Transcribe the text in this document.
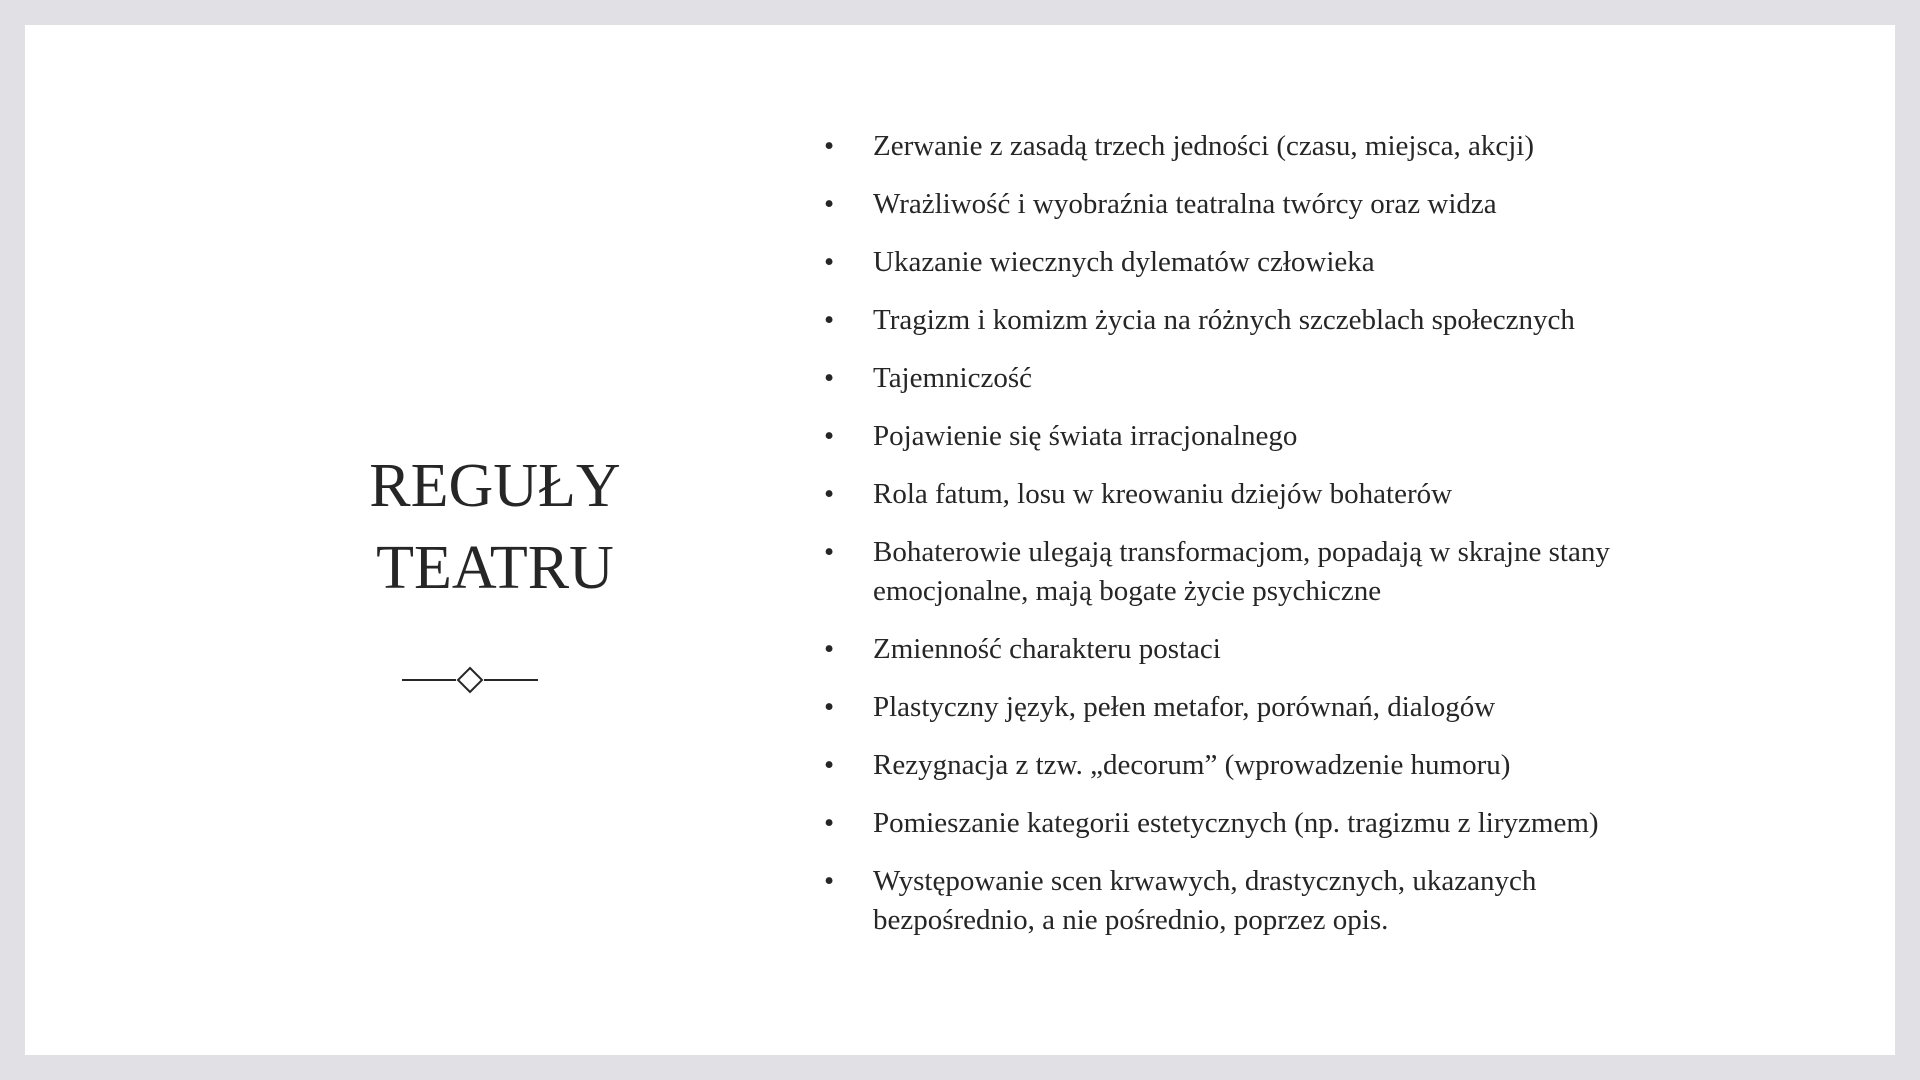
REGUŁY
TEATRU
• Zerwanie z zasadą trzech jedności (czasu, miejsca, akcji)
• Wrażliwość i wyobraźnia teatralna twórcy oraz widza
• Ukazanie wiecznych dylematów człowieka
• Tragizm i komizm życia na różnych szczeblach społecznych
• Tajemniczość
• Pojawienie się świata irracjonalnego
• Rola fatum, losu w kreowaniu dziejów bohaterów
• Bohaterowie ulegają transformacjom, popadają w skrajne stany emocjonalne, mają bogate życie psychiczne
• Zmienność charakteru postaci
• Plastyczny język, pełen metafor, porównań, dialogów
• Rezygnacja z tzw. „decorum” (wprowadzenie humoru)
• Pomieszanie kategorii estetycznych (np. tragizmu z liryzmem)
• Występowanie scen krwawych, drastycznych, ukazanych bezpośrednio, a nie pośrednio, poprzez opis.
